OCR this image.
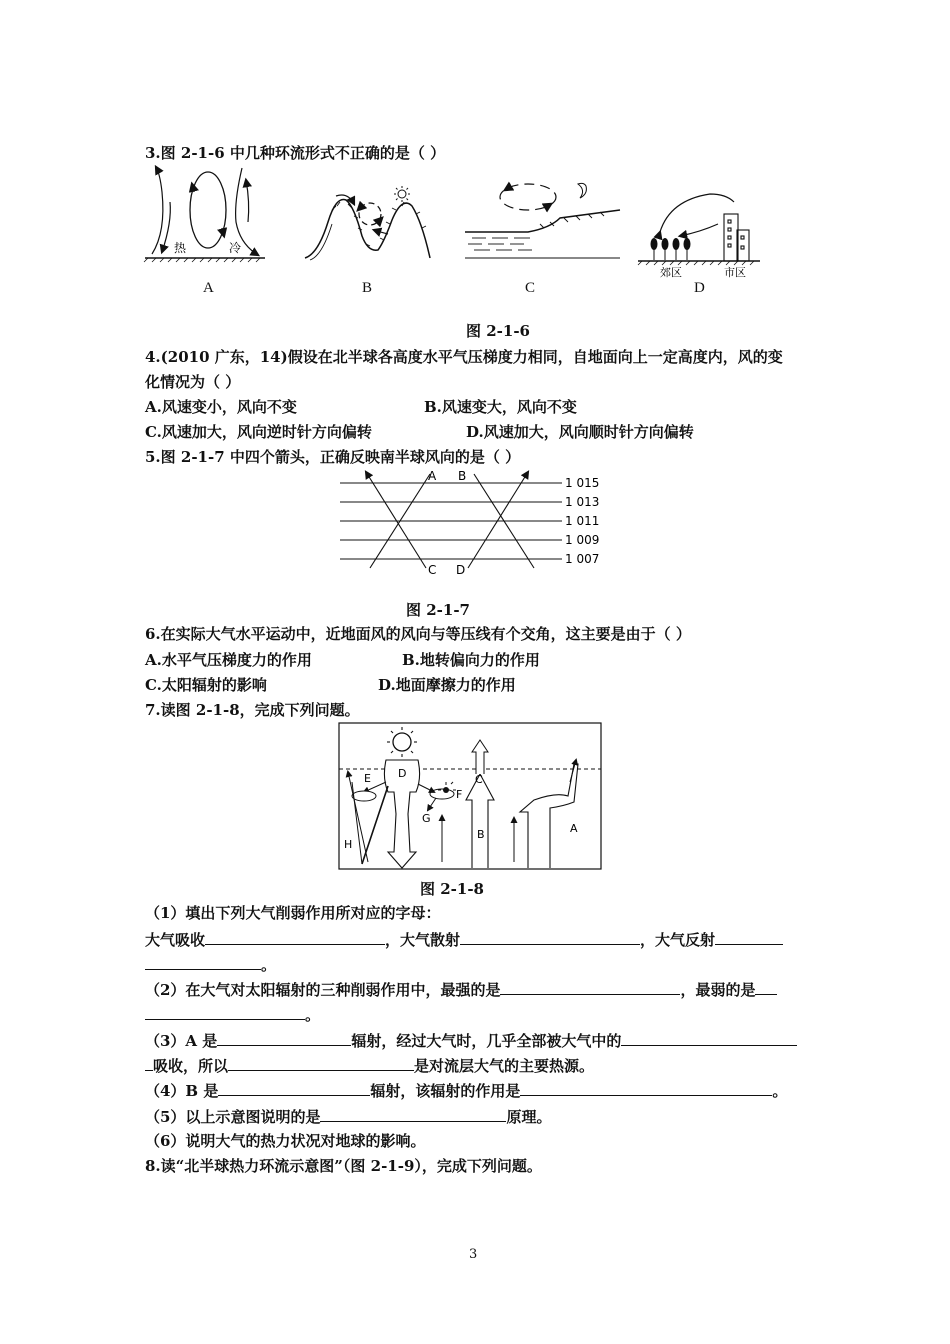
3.图 2-1-6 中几种环流形式不正确的是（ ）
热	冷
郊区	市区
A	B	C	D
图 2-1-6
4.(2010 广东，14)假设在北半球各高度水平气压梯度力相同，自地面向上一定高度内，风的变
化情况为（ ）
A.风速变小，风向不变	B.风速变大，风向不变
C.风速加大，风向逆时针方向偏转	D.风速加大，风向顺时针方向偏转
5.图 2-1-7 中四个箭头，正确反映南半球风向的是（ ）
A B
C D
1 015
1 013
1 011
1 009
1 007
图 2-1-7
6.在实际大气水平运动中，近地面风的风向与等压线有个交角，这主要是由于（ ）
A.水平气压梯度力的作用	B.地转偏向力的作用
C.太阳辐射的影响	D.地面摩擦力的作用
7.读图 2-1-8，完成下列问题。
D
E
F
G
H
B
C
A
图 2-1-8
（1）填出下列大气削弱作用所对应的字母：
大气吸收	，大气散射	，大气反射
。
（2）在大气对太阳辐射的三种削弱作用中，最强的是	，最弱的是
。
（3）A 是	辐射，经过大气时，几乎全部被大气中的
吸收，所以	是对流层大气的主要热源。
（4）B 是	辐射，该辐射的作用是	。
（5）以上示意图说明的是	原理。
（6）说明大气的热力状况对地球的影响。
8.读“北半球热力环流示意图”（图 2-1-9），完成下列问题。
3
